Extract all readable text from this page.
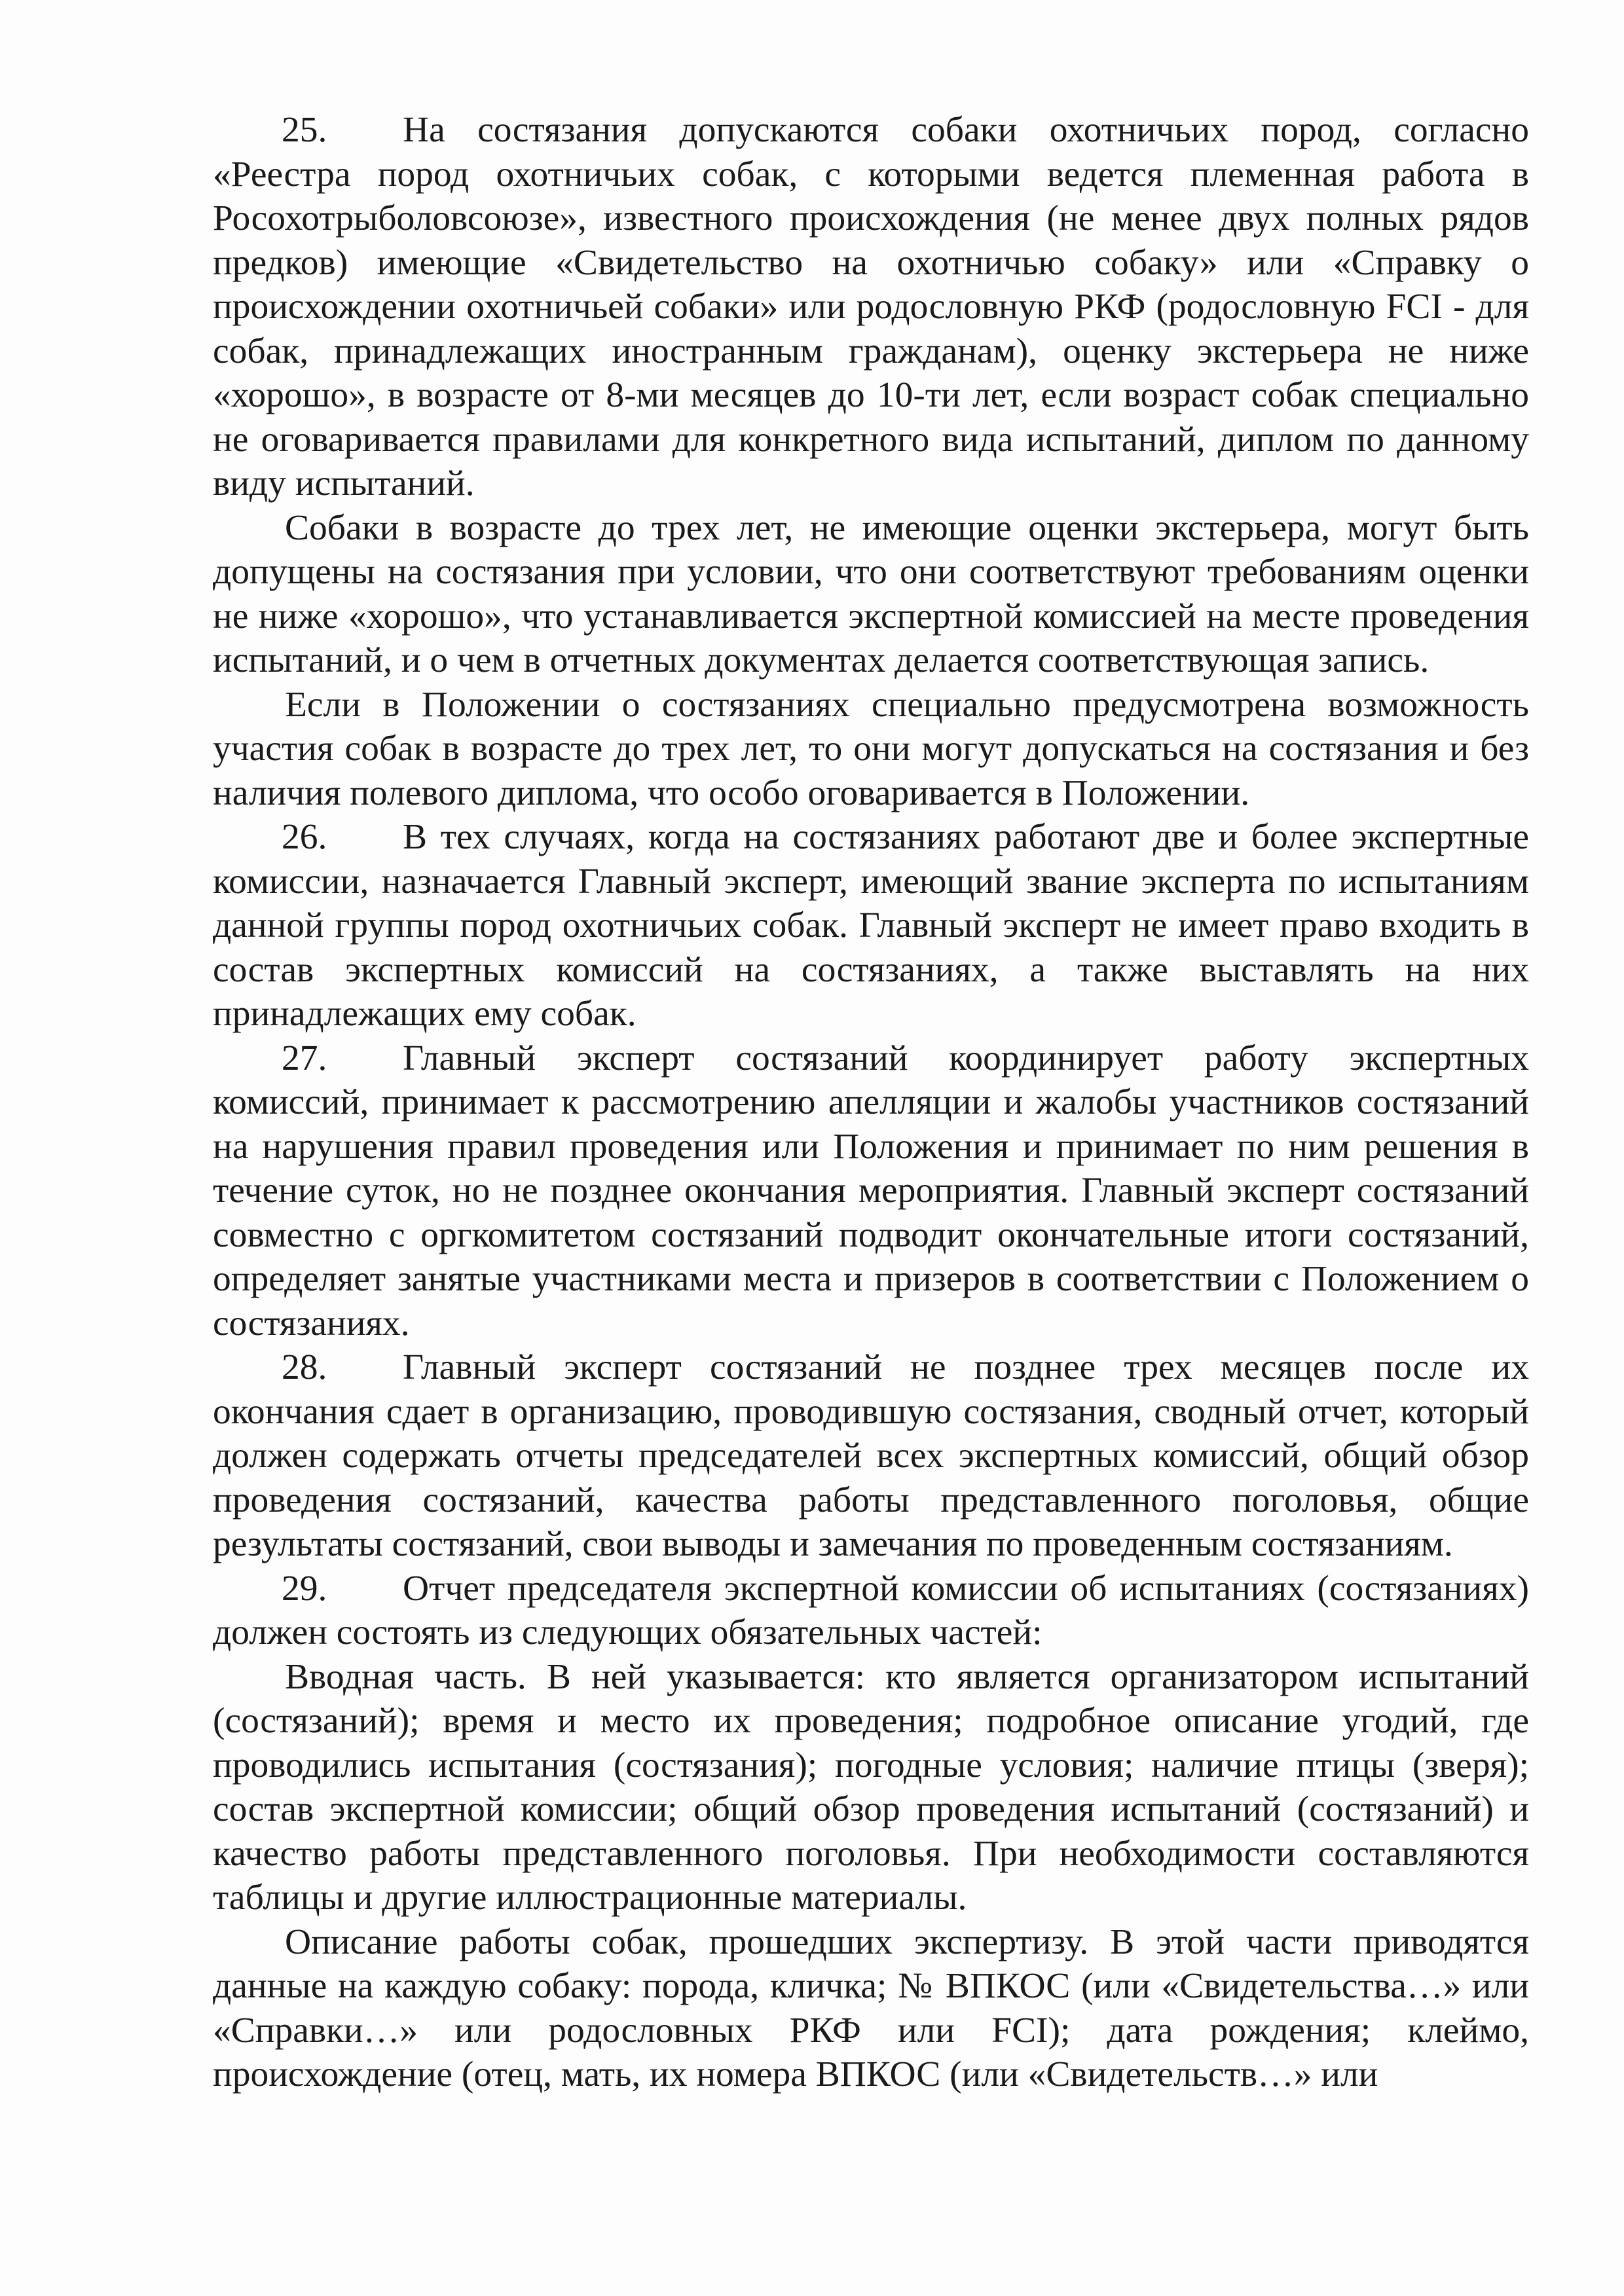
25. На состязания допускаются собаки охотничьих пород, согласно «Реестра пород охотничьих собак, с которыми ведется племенная работа в Росохотрыболовсоюзе», известного происхождения (не менее двух полных рядов предков) имеющие «Свидетельство на охотничью собаку» или «Справку о происхождении охотничьей собаки» или родословную РКФ (родословную FCI - для собак, принадлежащих иностранным гражданам), оценку экстерьера не ниже «хорошо», в возрасте от 8-ми месяцев до 10-ти лет, если возраст собак специально не оговаривается правилами для конкретного вида испытаний, диплом по данному виду испытаний.

Собаки в возрасте до трех лет, не имеющие оценки экстерьера, могут быть допущены на состязания при условии, что они соответствуют требованиям оценки не ниже «хорошо», что устанавливается экспертной комиссией на месте проведения испытаний, и о чем в отчетных документах делается соответствующая запись.

Если в Положении о состязаниях специально предусмотрена возможность участия собак в возрасте до трех лет, то они могут допускаться на состязания и без наличия полевого диплома, что особо оговаривается в Положении.

26. В тех случаях, когда на состязаниях работают две и более экспертные комиссии, назначается Главный эксперт, имеющий звание эксперта по испытаниям данной группы пород охотничьих собак. Главный эксперт не имеет право входить в состав экспертных комиссий на состязаниях, а также выставлять на них принадлежащих ему собак.

27. Главный эксперт состязаний координирует работу экспертных комиссий, принимает к рассмотрению апелляции и жалобы участников состязаний на нарушения правил проведения или Положения и принимает по ним решения в течение суток, но не позднее окончания мероприятия. Главный эксперт состязаний совместно с оргкомитетом состязаний подводит окончательные итоги состязаний, определяет занятые участниками места и призеров в соответствии с Положением о состязаниях.

28. Главный эксперт состязаний не позднее трех месяцев после их окончания сдает в организацию, проводившую состязания, сводный отчет, который должен содержать отчеты председателей всех экспертных комиссий, общий обзор проведения состязаний, качества работы представленного поголовья, общие результаты состязаний, свои выводы и замечания по проведенным состязаниям.

29. Отчет председателя экспертной комиссии об испытаниях (состязаниях) должен состоять из следующих обязательных частей:

Вводная часть. В ней указывается: кто является организатором испытаний (состязаний); время и место их проведения; подробное описание угодий, где проводились испытания (состязания); погодные условия; наличие птицы (зверя); состав экспертной комиссии; общий обзор проведения испытаний (состязаний) и качество работы представленного поголовья. При необходимости составляются таблицы и другие иллюстрационные материалы.

Описание работы собак, прошедших экспертизу. В этой части приводятся данные на каждую собаку: порода, кличка; № ВПКОС (или «Свидетельства…» или «Справки…» или родословных РКФ или FCI); дата рождения; клеймо, происхождение (отец, мать, их номера ВПКОС (или «Свидетельств…» или
